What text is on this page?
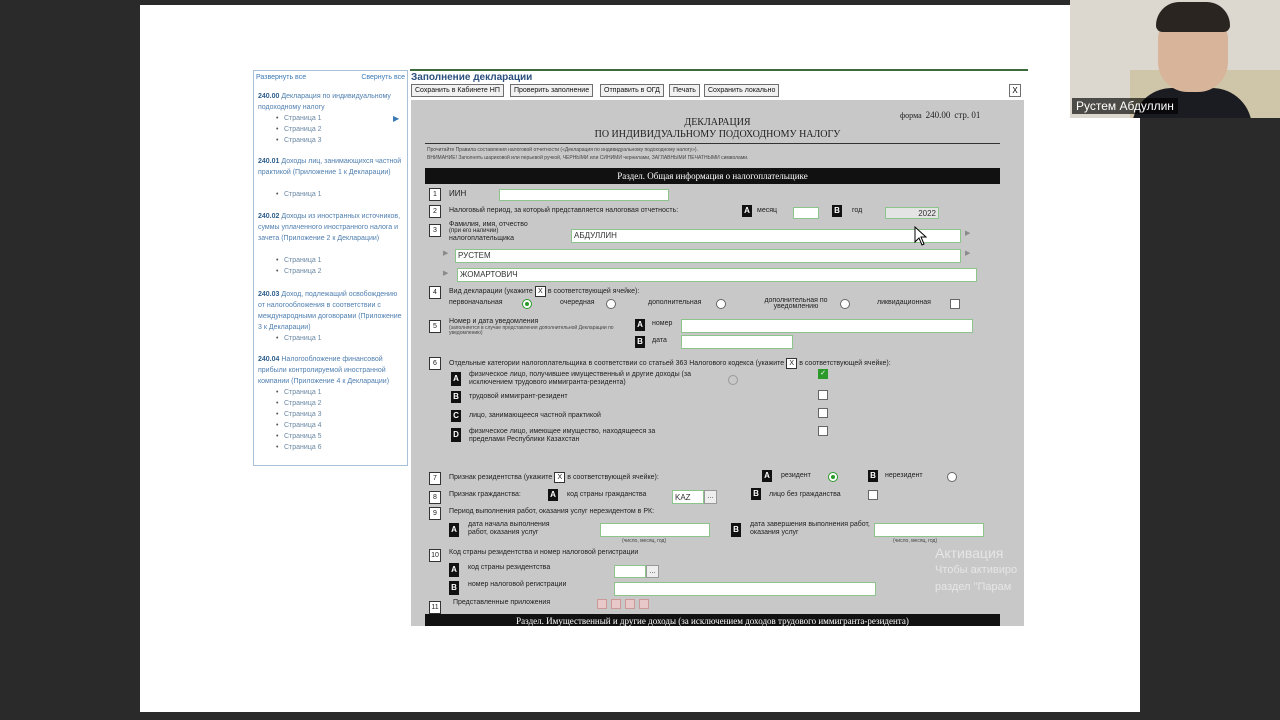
Развернуть все	Свернуть все
▶
240.00 Декларация по индивидуальному подоходному налогу
• Страница 1
• Страница 2
• Страница 3
240.01 Доходы лиц, занимающихся частной практикой (Приложение 1 к Декларации)
• Страница 1
240.02 Доходы из иностранных источников, суммы уплаченного иностранного налога и зачета (Приложение 2 к Декларации)
• Страница 1
• Страница 2
240.03 Доход, подлежащий освобождению от налогообложения в соответствии с международными договорами (Приложение 3 к Декларации)
• Страница 1
240.04 Налогообложение финансовой прибыли контролируемой иностранной компании (Приложение 4 к Декларации)
• Страница 1
• Страница 2
• Страница 3
• Страница 4
• Страница 5
• Страница 6
Заполнение декларации
Сохранить в Кабинете НП	Проверить заполнение	Отправить в ОГД	Печать	Сохранить локально	X
форма 240.00 стр. 01
ДЕКЛАРАЦИЯ
ПО ИНДИВИДУАЛЬНОМУ ПОДОХОДНОМУ НАЛОГУ
Прочитайте Правила составления налоговой отчетности («Декларация по индивидуальному подоходному налогу»).
ВНИМАНИЕ! Заполнять шариковой или перьевой ручкой, ЧЕРНЫМИ или СИНИМИ чернилами, ЗАГЛАВНЫМИ ПЕЧАТНЫМИ символами.
Раздел. Общая информация о налогоплательщике
1	ИИН
2	Налоговый период, за который представляется налоговая отчетность:	A	месяц	B	год	2022
3
Фамилия, имя, отчество
(при его наличии)
налогоплательщика	АБДУЛЛИН	▶
▶	РУСТЕМ	▶
▶	ЖОМАРТОВИЧ
4	Вид декларации (укажите X в соответствующей ячейке):
первоначальная	очередная	дополнительная	дополнительная по уведомлению
ликвидационная
5
Номер и дата уведомления
(заполняется в случае представления дополнительной Декларации по уведомлению)
A	номер
B	дата
6	Отдельные категории налогоплательщика в соответствии со статьей 363 Налогового кодекса (укажите X в соответствующей ячейке):
A	физическое лицо, получившее имущественный и другие доходы (за исключением трудового иммигранта-резидента)
✓
B	трудовой иммигрант-резидент
C	лицо, занимающееся частной практикой
D	физическое лицо, имеющее имущество, находящееся за пределами Республики Казахстан
7	Признак резидентства (укажите X в соответствующей ячейке):	A	резидент	B	нерезидент
8	Признак гражданства:	A	код страны гражданства	KAZ	…	B	лицо без гражданства
9	Период выполнения работ, оказания услуг нерезидентом в РК:
A
дата начала выполнения работ, оказания услуг
(число, месяц, год)
B
дата завершения выполнения работ, оказания услуг
(число, месяц, год)
10	Код страны резидентства и номер налоговой регистрации
A	код страны резидентства
…
B	номер налоговой регистрации
11
Представленные приложения
Раздел. Имущественный и другие доходы (за исключением доходов трудового иммигранта-резидента)
Активация
Чтобы активиро
раздел "Парам
Рустем Абдуллин
